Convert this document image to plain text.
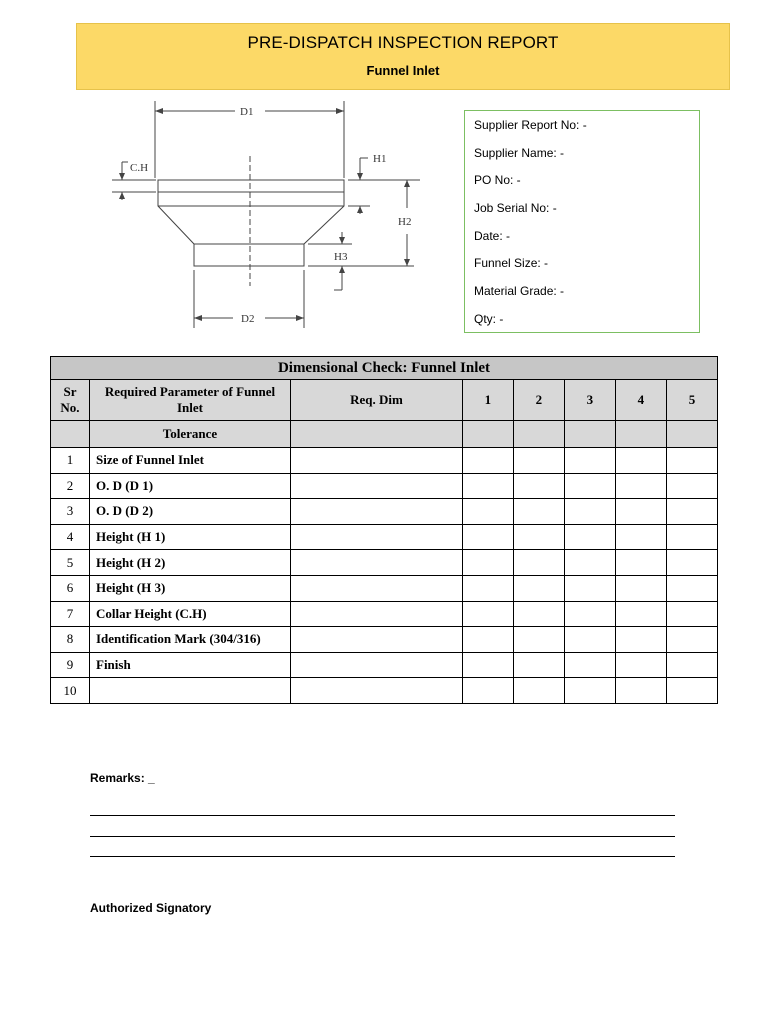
PRE-DISPATCH INSPECTION REPORT
Funnel Inlet
D1
D2
C.H
H1
H2
H3
Supplier Report No: -
Supplier Name: -
PO No: -
Job Serial No: -
Date: -
Funnel Size: -
Material Grade: -
Qty: -
Dimensional Check: Funnel Inlet							
Sr No.	Required Parameter of Funnel Inlet	Req. Dim	1	2	3	4	5
	Tolerance						
1	Size of Funnel Inlet						
2	O. D (D 1)						
3	O. D (D 2)						
4	Height (H 1)						
5	Height (H 2)						
6	Height (H 3)						
7	Collar Height (C.H)						
8	Identification Mark (304/316)						
9	Finish						
10							
Remarks: _
Authorized Signatory
